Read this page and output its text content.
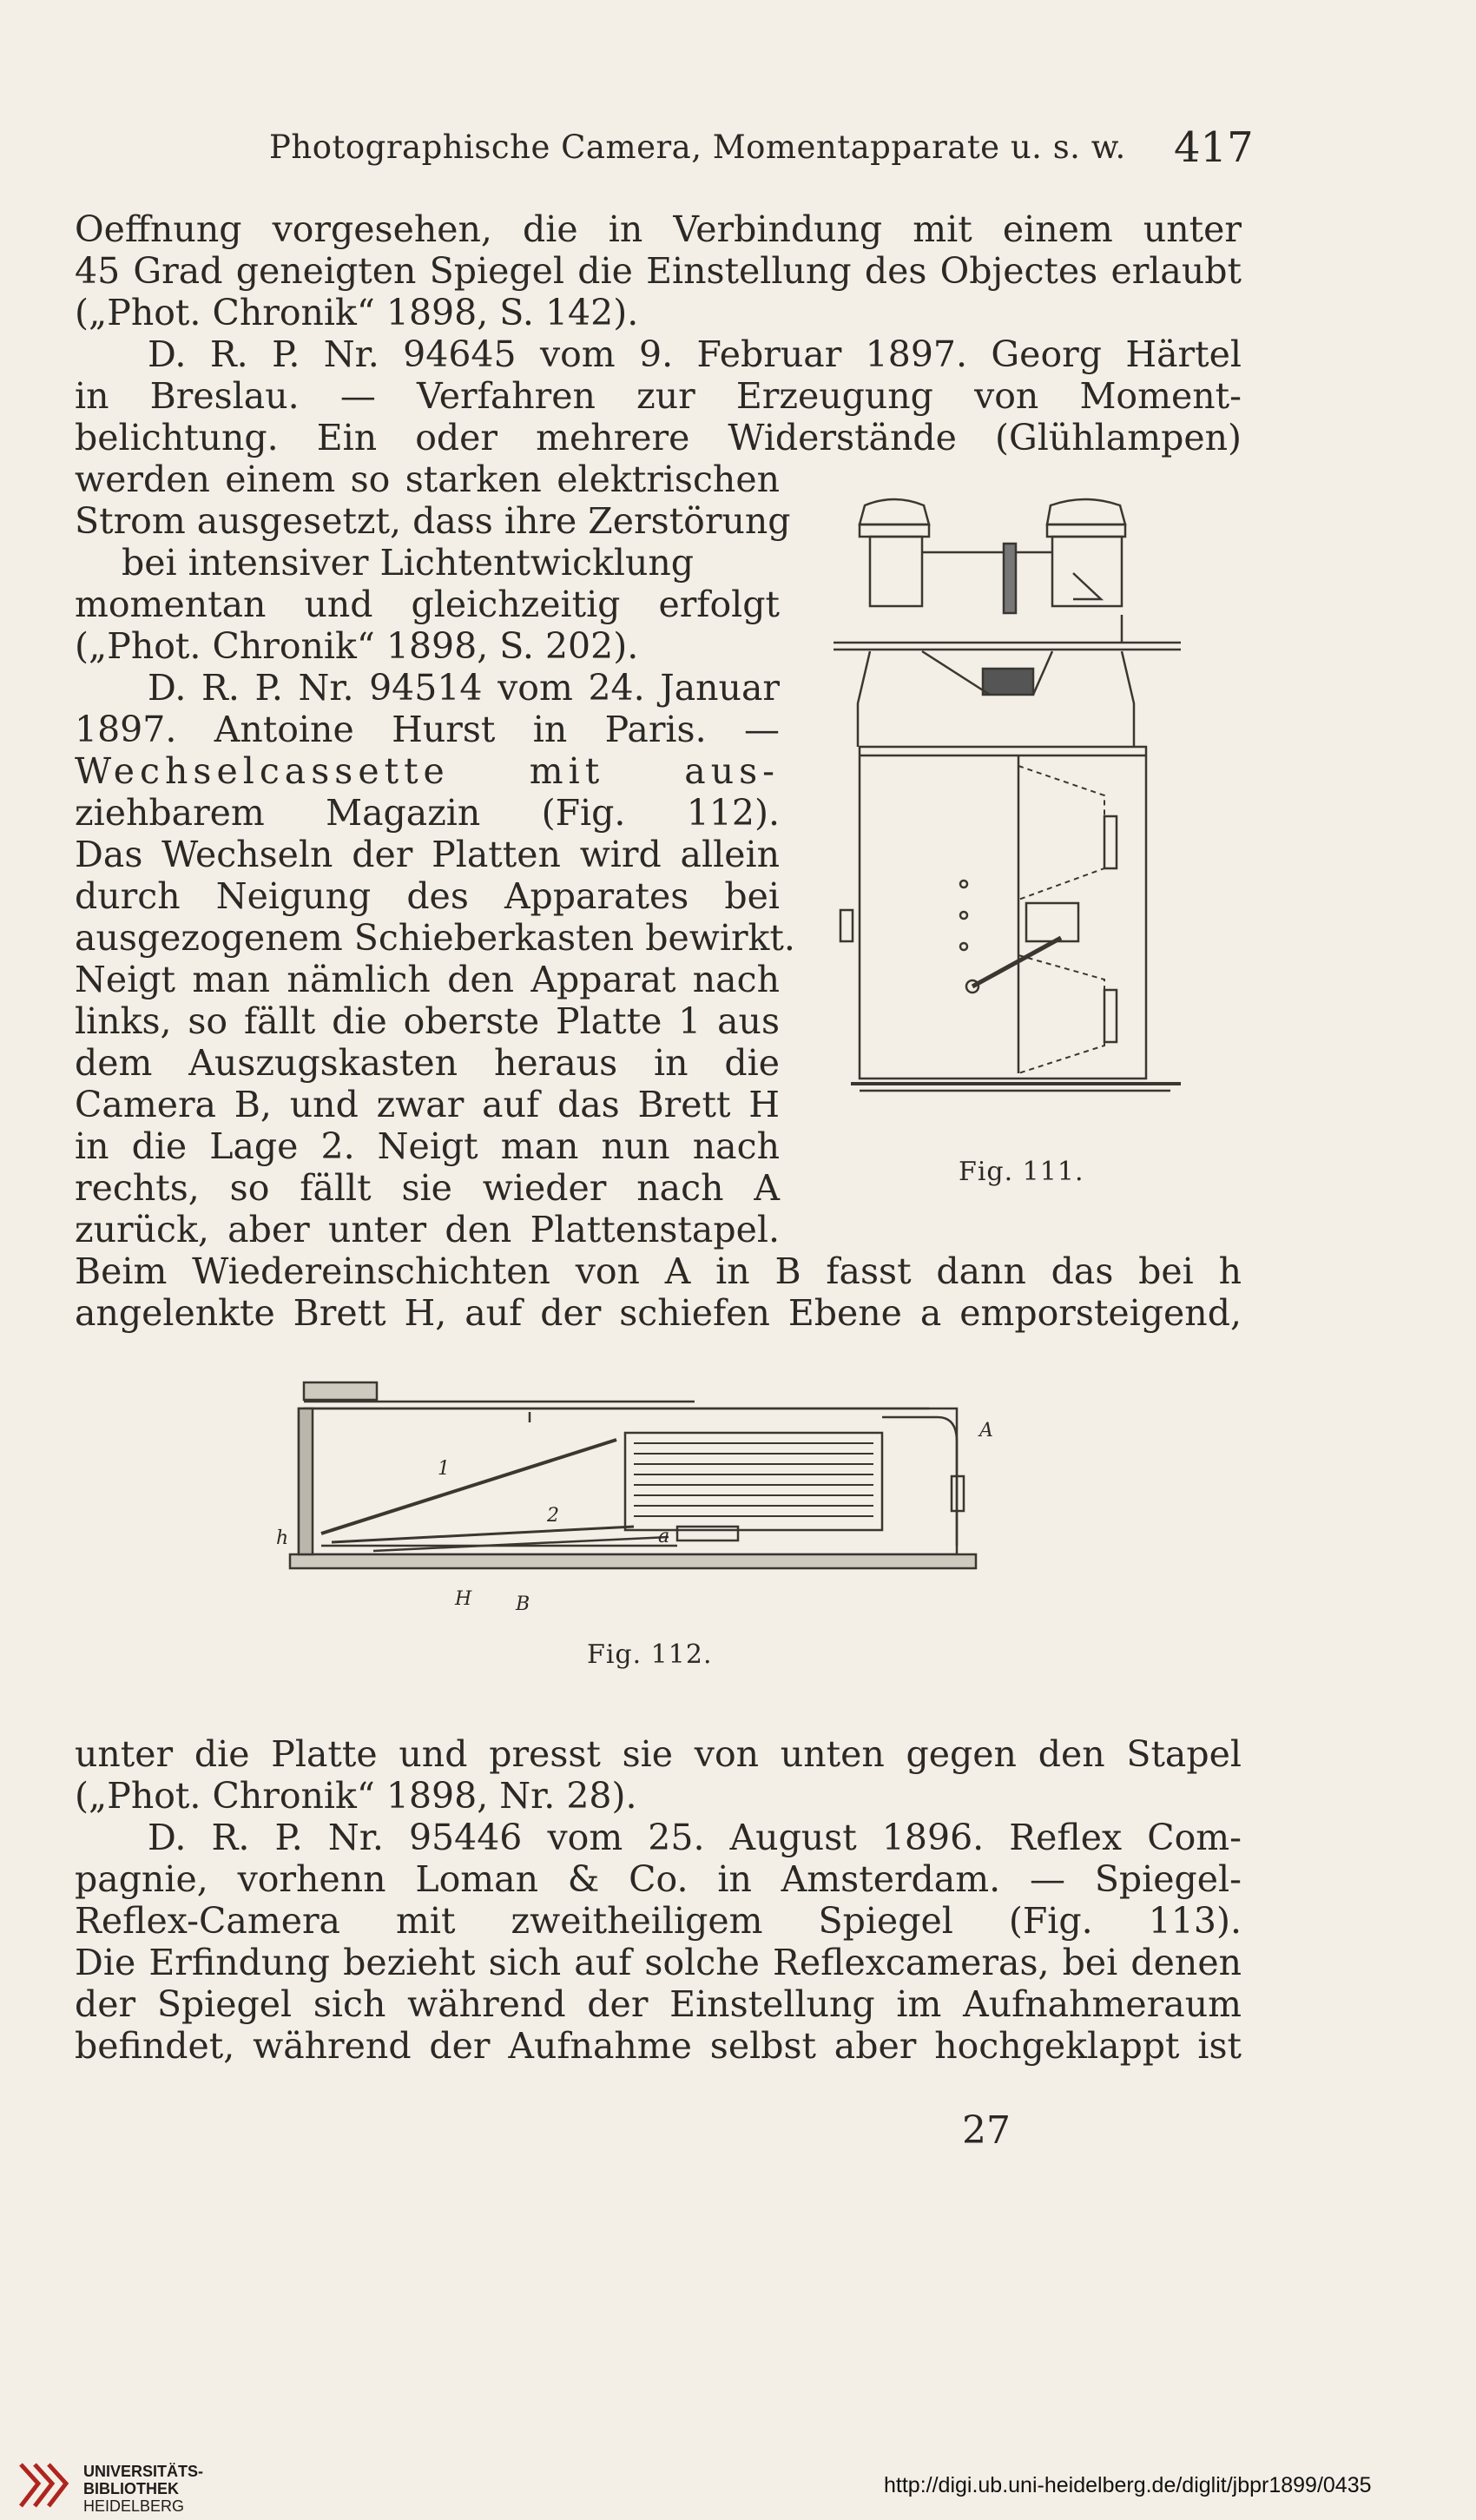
Photographische Camera, Momentapparate u. s. w. 417
Oeffnung vorgesehen, die in Verbindung mit einem unter
45 Grad geneigten Spiegel die Einstellung des Objectes erlaubt
(„Phot. Chronik“ 1898, S. 142).
D. R. P. Nr. 94645 vom 9. Februar 1897. Georg Härtel
in Breslau. — Verfahren zur Erzeugung von Moment-
belichtung. Ein oder mehrere Widerstände (Glühlampen)
werden einem so starken elektrischen
Strom ausgesetzt, dass ihre Zerstörung
bei intensiver Lichtentwicklung
momentan und gleichzeitig erfolgt
(„Phot. Chronik“ 1898, S. 202).
D. R. P. Nr. 94514 vom 24. Januar
1897. Antoine Hurst in Paris. —
Wechselcassette mit aus-
ziehbarem Magazin (Fig. 112).
Das Wechseln der Platten wird allein
durch Neigung des Apparates bei
ausgezogenem Schieberkasten bewirkt.
Neigt man nämlich den Apparat nach
links, so fällt die oberste Platte 1 aus
dem Auszugskasten heraus in die
Camera B, und zwar auf das Brett H
in die Lage 2. Neigt man nun nach
rechts, so fällt sie wieder nach A
zurück, aber unter den Plattenstapel.
Beim Wiedereinschichten von A in B fasst dann das bei h
angelenkte Brett H, auf der schiefen Ebene a emporsteigend,
Fig. 111.
1
2
h	a
A
H B
Fig. 112.
unter die Platte und presst sie von unten gegen den Stapel
(„Phot. Chronik“ 1898, Nr. 28).
D. R. P. Nr. 95446 vom 25. August 1896. Reflex Com-
pagnie, vorhenn Loman & Co. in Amsterdam. — Spiegel-
Reflex-Camera mit zweitheiligem Spiegel (Fig. 113).
Die Erfindung bezieht sich auf solche Reflexcameras, bei denen
der Spiegel sich während der Einstellung im Aufnahmeraum
befindet, während der Aufnahme selbst aber hochgeklappt ist
27
UNIVERSITÄTS-
BIBLIOTHEK
HEIDELBERG
http://digi.ub.uni-heidelberg.de/diglit/jbpr1899/0435
